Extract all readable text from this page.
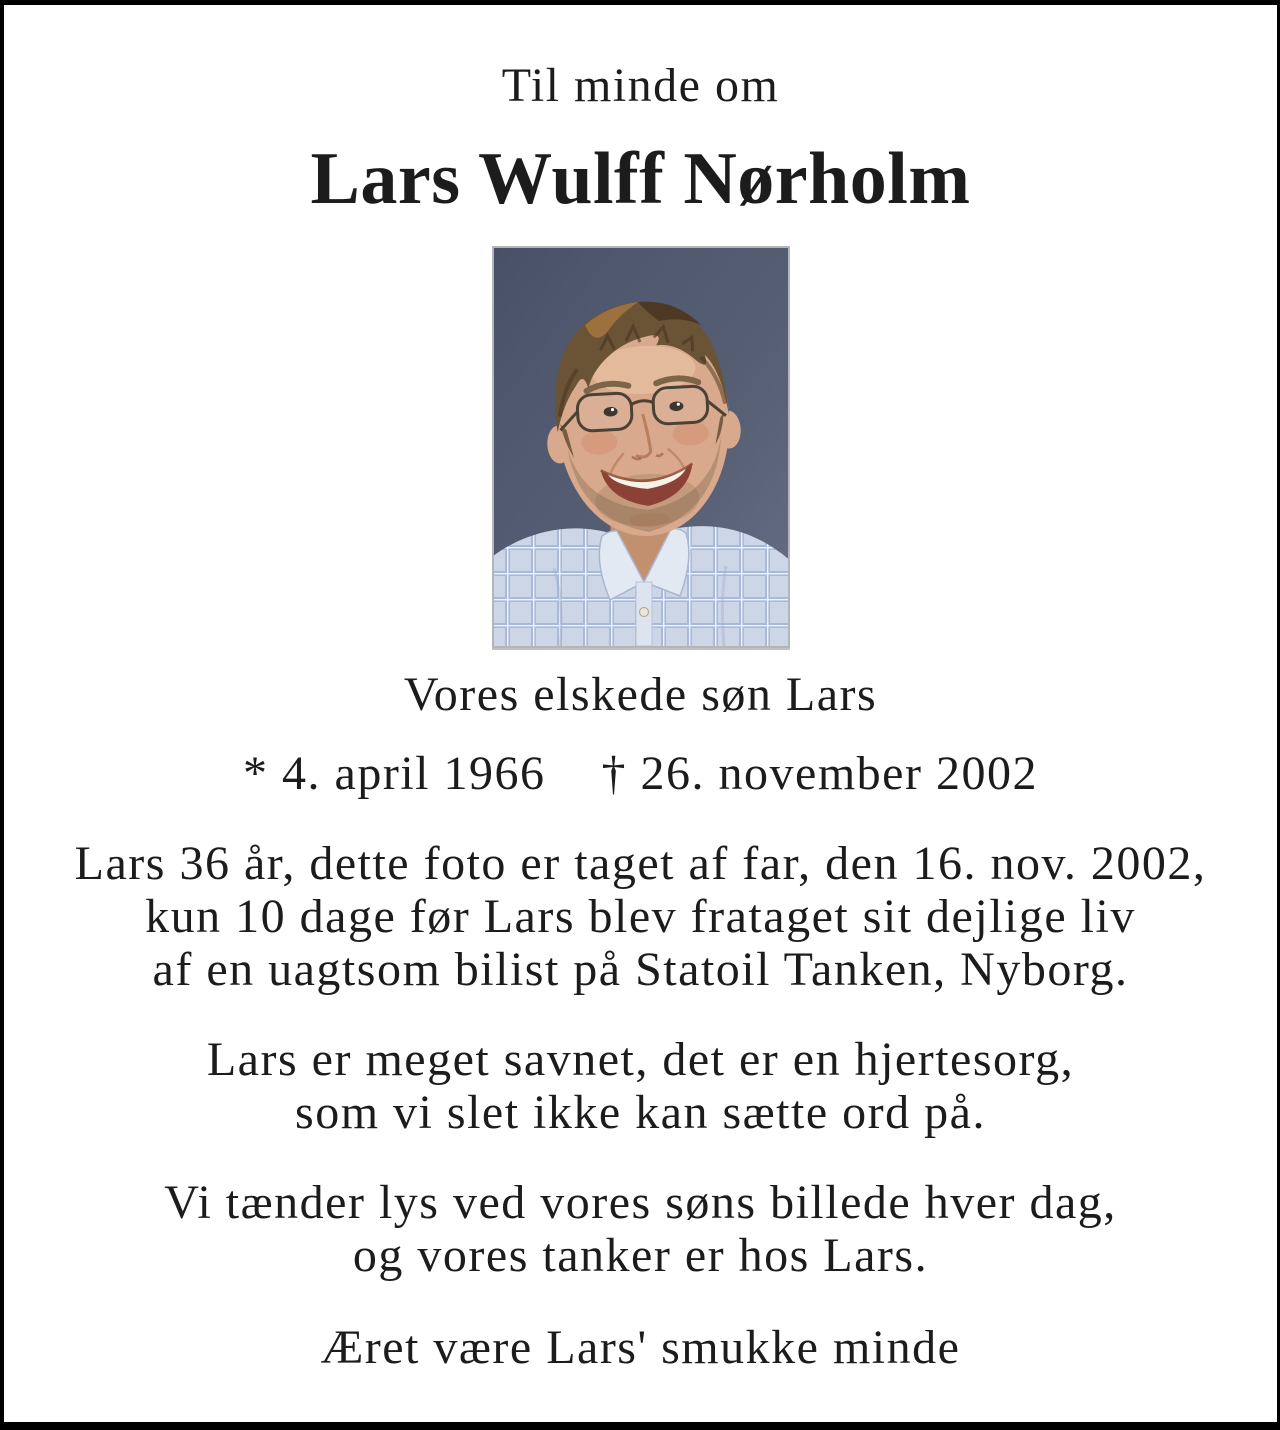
Til minde om
Lars Wulff Nørholm
Vores elskede søn Lars
* 4. april 1966 † 26. november 2002
Lars 36 år, dette foto er taget af far, den 16. nov. 2002,
kun 10 dage før Lars blev frataget sit dejlige liv
af en uagtsom bilist på Statoil Tanken, Nyborg.
Lars er meget savnet, det er en hjertesorg,
som vi slet ikke kan sætte ord på.
Vi tænder lys ved vores søns billede hver dag,
og vores tanker er hos Lars.
Æret være Lars' smukke minde
